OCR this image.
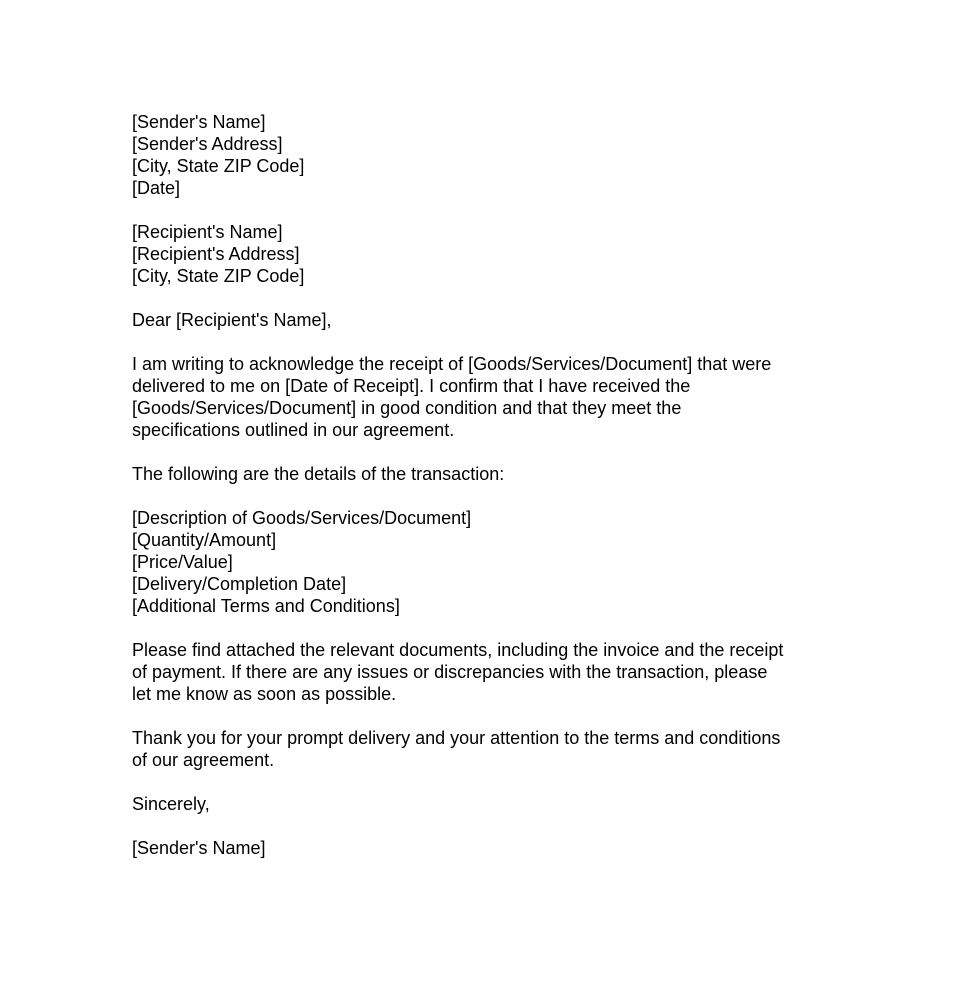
[Sender's Name]
[Sender's Address]
[City, State ZIP Code]
[Date]
[Recipient's Name]
[Recipient's Address]
[City, State ZIP Code]
Dear [Recipient's Name],
I am writing to acknowledge the receipt of [Goods/Services/Document] that were
delivered to me on [Date of Receipt]. I confirm that I have received the
[Goods/Services/Document] in good condition and that they meet the
specifications outlined in our agreement.
The following are the details of the transaction:
[Description of Goods/Services/Document]
[Quantity/Amount]
[Price/Value]
[Delivery/Completion Date]
[Additional Terms and Conditions]
Please find attached the relevant documents, including the invoice and the receipt
of payment. If there are any issues or discrepancies with the transaction, please
let me know as soon as possible.
Thank you for your prompt delivery and your attention to the terms and conditions
of our agreement.
Sincerely,
[Sender's Name]
